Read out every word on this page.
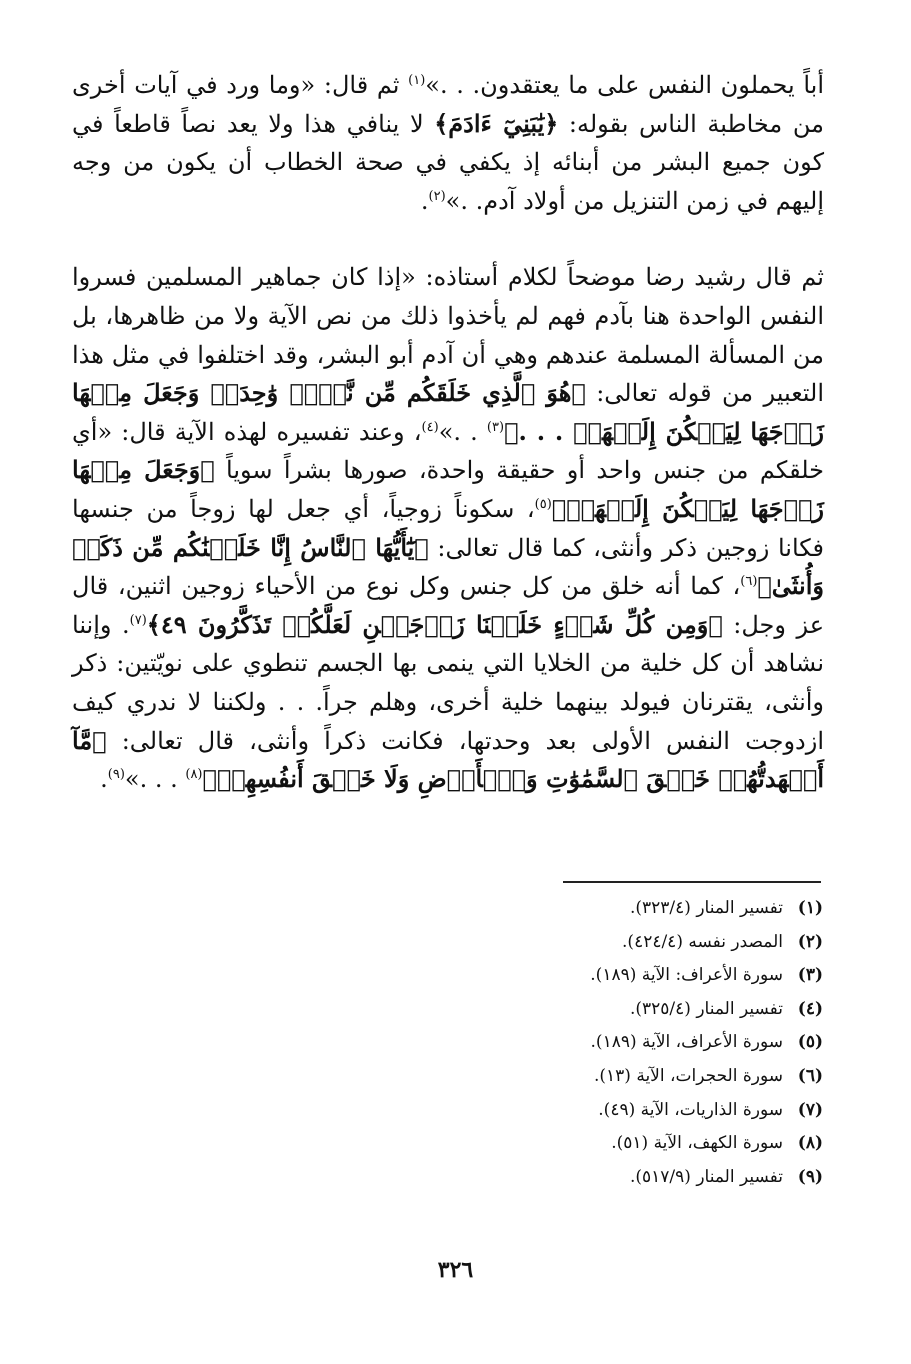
أباً يحملون النفس على ما يعتقدون. . .»$^{(١)}$ ثم قال: «وما ورد في آيات أخرى من مخاطبة الناس بقوله: ﴿يَٰبَنِيٓ ءَادَمَ﴾ لا ينافي هذا ولا يعد نصاً قاطعاً في كون جميع البشر من أبنائه إذ يكفي في صحة الخطاب أن يكون من وجه إليهم في زمن التنزيل من أولاد آدم. .»$^{(٢)}$.

ثم قال رشيد رضا موضحاً لكلام أستاذه: «إذا كان جماهير المسلمين فسروا النفس الواحدة هنا بآدم فهم لم يأخذوا ذلك من نص الآية ولا من ظاهرها، بل من المسألة المسلمة عندهم وهي أن آدم أبو البشر، وقد اختلفوا في مثل هذا التعبير من قوله تعالى: ﴿هُوَ ٱلَّذِي خَلَقَكُم مِّن نَّفۡسٖ وَٰحِدَةٖ وَجَعَلَ مِنۡهَا زَوۡجَهَا لِيَسۡكُنَ إِلَيۡهَاۖ . . .﴾$^{(٣)}$ . .»$^{(٤)}$، وعند تفسيره لهذه الآية قال: «أي خلقكم من جنس واحد أو حقيقة واحدة، صورها بشراً سوياً ﴿وَجَعَلَ مِنۡهَا زَوۡجَهَا لِيَسۡكُنَ إِلَيۡهَاۖ﴾$^{(٥)}$، سكوناً زوجياً، أي جعل لها زوجاً من جنسها فكانا زوجين ذكر وأنثى، كما قال تعالى: ﴿يَٰٓأَيُّهَا ٱلنَّاسُ إِنَّا خَلَقۡنَٰكُم مِّن ذَكَرٖ وَأُنثَىٰ﴾$^{(٦)}$، كما أنه خلق من كل جنس وكل نوع من الأحياء زوجين اثنين، قال عز وجل: ﴿وَمِن كُلِّ شَيۡءٍ خَلَقۡنَا زَوۡجَيۡنِ لَعَلَّكُمۡ تَذَكَّرُونَ ٤٩﴾$^{(٧)}$. وإننا نشاهد أن كل خلية من الخلايا التي ينمى بها الجسم تنطوي على نويّتين: ذكر وأنثى، يقترنان فيولد بينهما خلية أخرى، وهلم جراً. . . ولكننا لا ندري كيف ازدوجت النفس الأولى بعد وحدتها، فكانت ذكراً وأنثى، قال تعالى: ﴿مَّآ أَشۡهَدتُّهُمۡ خَلۡقَ ٱلسَّمَٰوَٰتِ وَٱلۡأَرۡضِ وَلَا خَلۡقَ أَنفُسِهِمۡ﴾$^{(٨)}$ . . .»$^{(٩)}$.

(١)
تفسير المنار (٣٢٣/٤).
(٢)
المصدر نفسه (٤٢٤/٤).
(٣)
سورة الأعراف: الآية (١٨٩).
(٤)
تفسير المنار (٣٢٥/٤).
(٥)
سورة الأعراف، الآية (١٨٩).
(٦)
سورة الحجرات، الآية (١٣).
(٧)
سورة الذاريات، الآية (٤٩).
(٨)
سورة الكهف، الآية (٥١).
(٩)
تفسير المنار (٥١٧/٩).
٣٢٦
